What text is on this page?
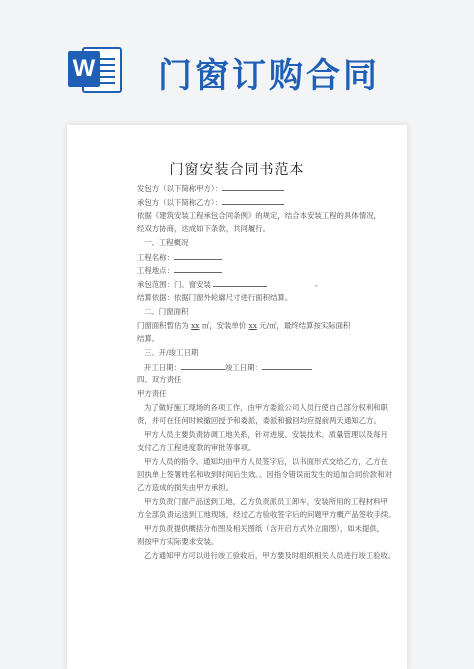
W 门窗订购合同
门窗安装合同书范本
发包方（以下简称甲方）：
承包方（以下简称乙方）：
依据《建筑安装工程承包合同条例》的规定，结合本安装工程的具体情况，
经双方协商，达成如下条款，共同履行。
一、工程概况
工程名称：
工程地点：
承包范围：门、窗安装	。
结算依据：依据门窗外轮廓尺寸进行面积结算。
二、门窗面积
门窗面积暂估为 xx ㎡，安装单价 xx 元/㎡，最终结算按实际面积
结算。
三、开/竣工日期
开工日期：	竣工日期：
四、双方责任
甲方责任
为了做好施工现场的各项工作，由甲方委派公司人员行使自己部分权利和职
责，并可在任何时候撤回授予和委派，委派和撤回均应提前两天通知乙方。
甲方人员主要负责协调工地关系，针对进度、安装技术、质量管理以及每月
支付乙方工程进度款的审批等事项。
甲方人员的指令、通知均由甲方人员签字后，以书面形式交给乙方，乙方在
回执单上签署姓名和收到时间后生效。。因指令错误而发生的追加合同价款和对
乙方造成的损失由甲方承担。
甲方负责门窗产品送到工地，乙方负责派员工卸车，安装所用的工程材料甲
方全部负责运送到工地现场，经过乙方验收签字后的问题甲方概产品签收手续。
甲方负责提供概括分布图及相关图纸（含开启方式外立面图），如未提供，
则按甲方实际要求安装。
乙方通知甲方可以进行竣工验收后，甲方要及时组织相关人员进行竣工验收。
